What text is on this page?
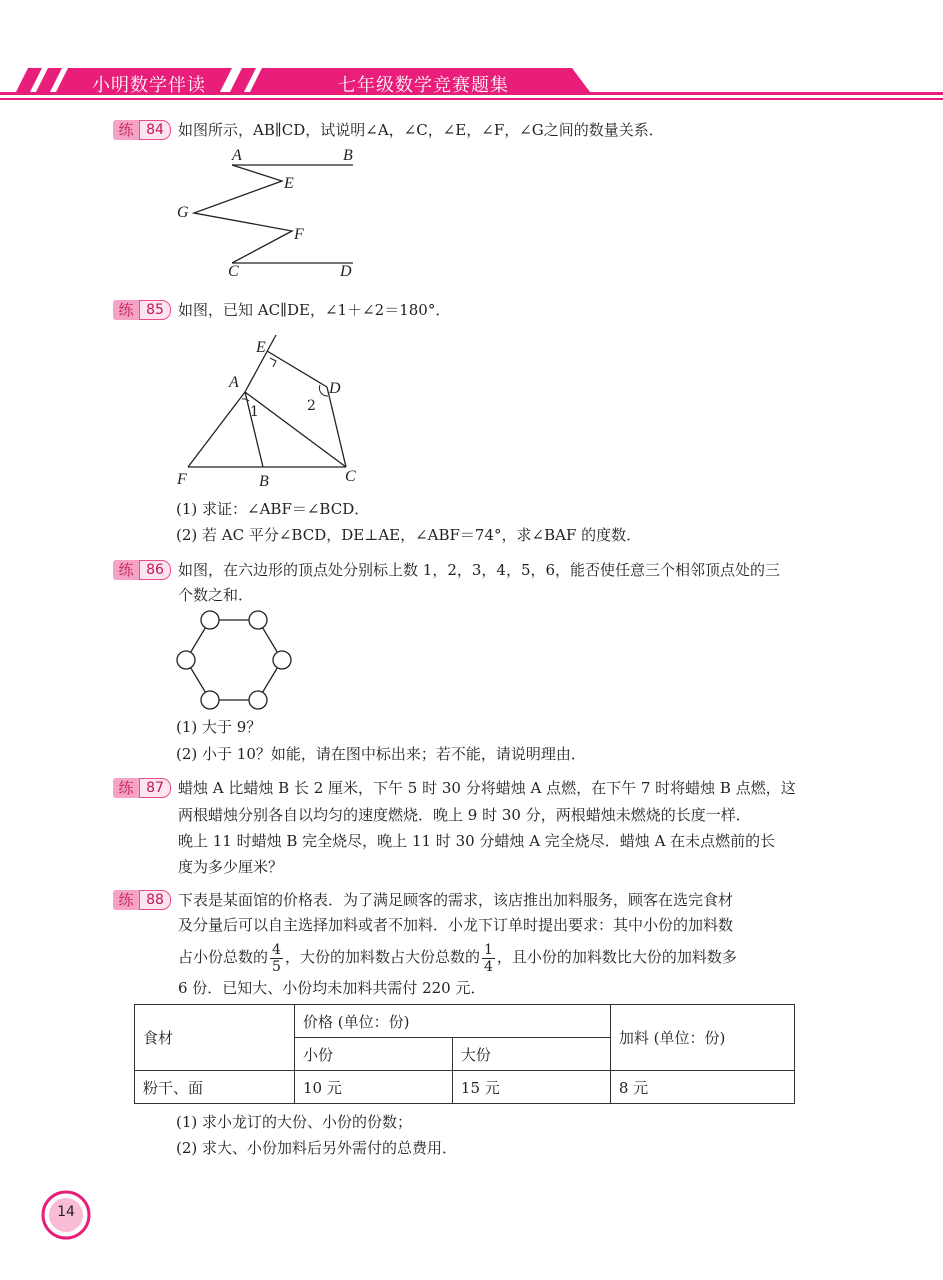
小明数学伴读	七年级数学竞赛题集
练 84 如图所示，AB∥CD，试说明∠A，∠C，∠E，∠F，∠G之间的数量关系．
A	B
E
G
F
C	D
练 85 如图，已知 AC∥DE，∠1＋∠2＝180°．
E
A	D
1	2
F	B	C
(1) 求证：∠ABF＝∠BCD．
(2) 若 AC 平分∠BCD，DE⊥AE，∠ABF＝74°，求∠BAF 的度数．
练 86 如图，在六边形的顶点处分别标上数 1，2，3，4，5，6，能否使任意三个相邻顶点处的三
个数之和．
(1) 大于 9？
(2) 小于 10？如能，请在图中标出来；若不能，请说明理由．
练 87 蜡烛 A 比蜡烛 B 长 2 厘米，下午 5 时 30 分将蜡烛 A 点燃，在下午 7 时将蜡烛 B 点燃，这
两根蜡烛分别各自以均匀的速度燃烧．晚上 9 时 30 分，两根蜡烛未燃烧的长度一样．
晚上 11 时蜡烛 B 完全烧尽，晚上 11 时 30 分蜡烛 A 完全烧尽．蜡烛 A 在未点燃前的长
度为多少厘米？
练 88 下表是某面馆的价格表．为了满足顾客的需求，该店推出加料服务，顾客在选完食材
及分量后可以自主选择加料或者不加料．小龙下订单时提出要求：其中小份的加料数
占小份总数的 $\frac{4}{5}$ ，大份的加料数占大份总数的 $\frac{1}{4}$ ，且小份的加料数比大份的加料数多
6 份．已知大、小份均未加料共需付 220 元．
食材	价格 (单位：份)		加料 (单位：份)
	小份	大份	
粉干、面	10 元	15 元	8 元
(1) 求小龙订的大份、小份的份数；
(2) 求大、小份加料后另外需付的总费用．
14
